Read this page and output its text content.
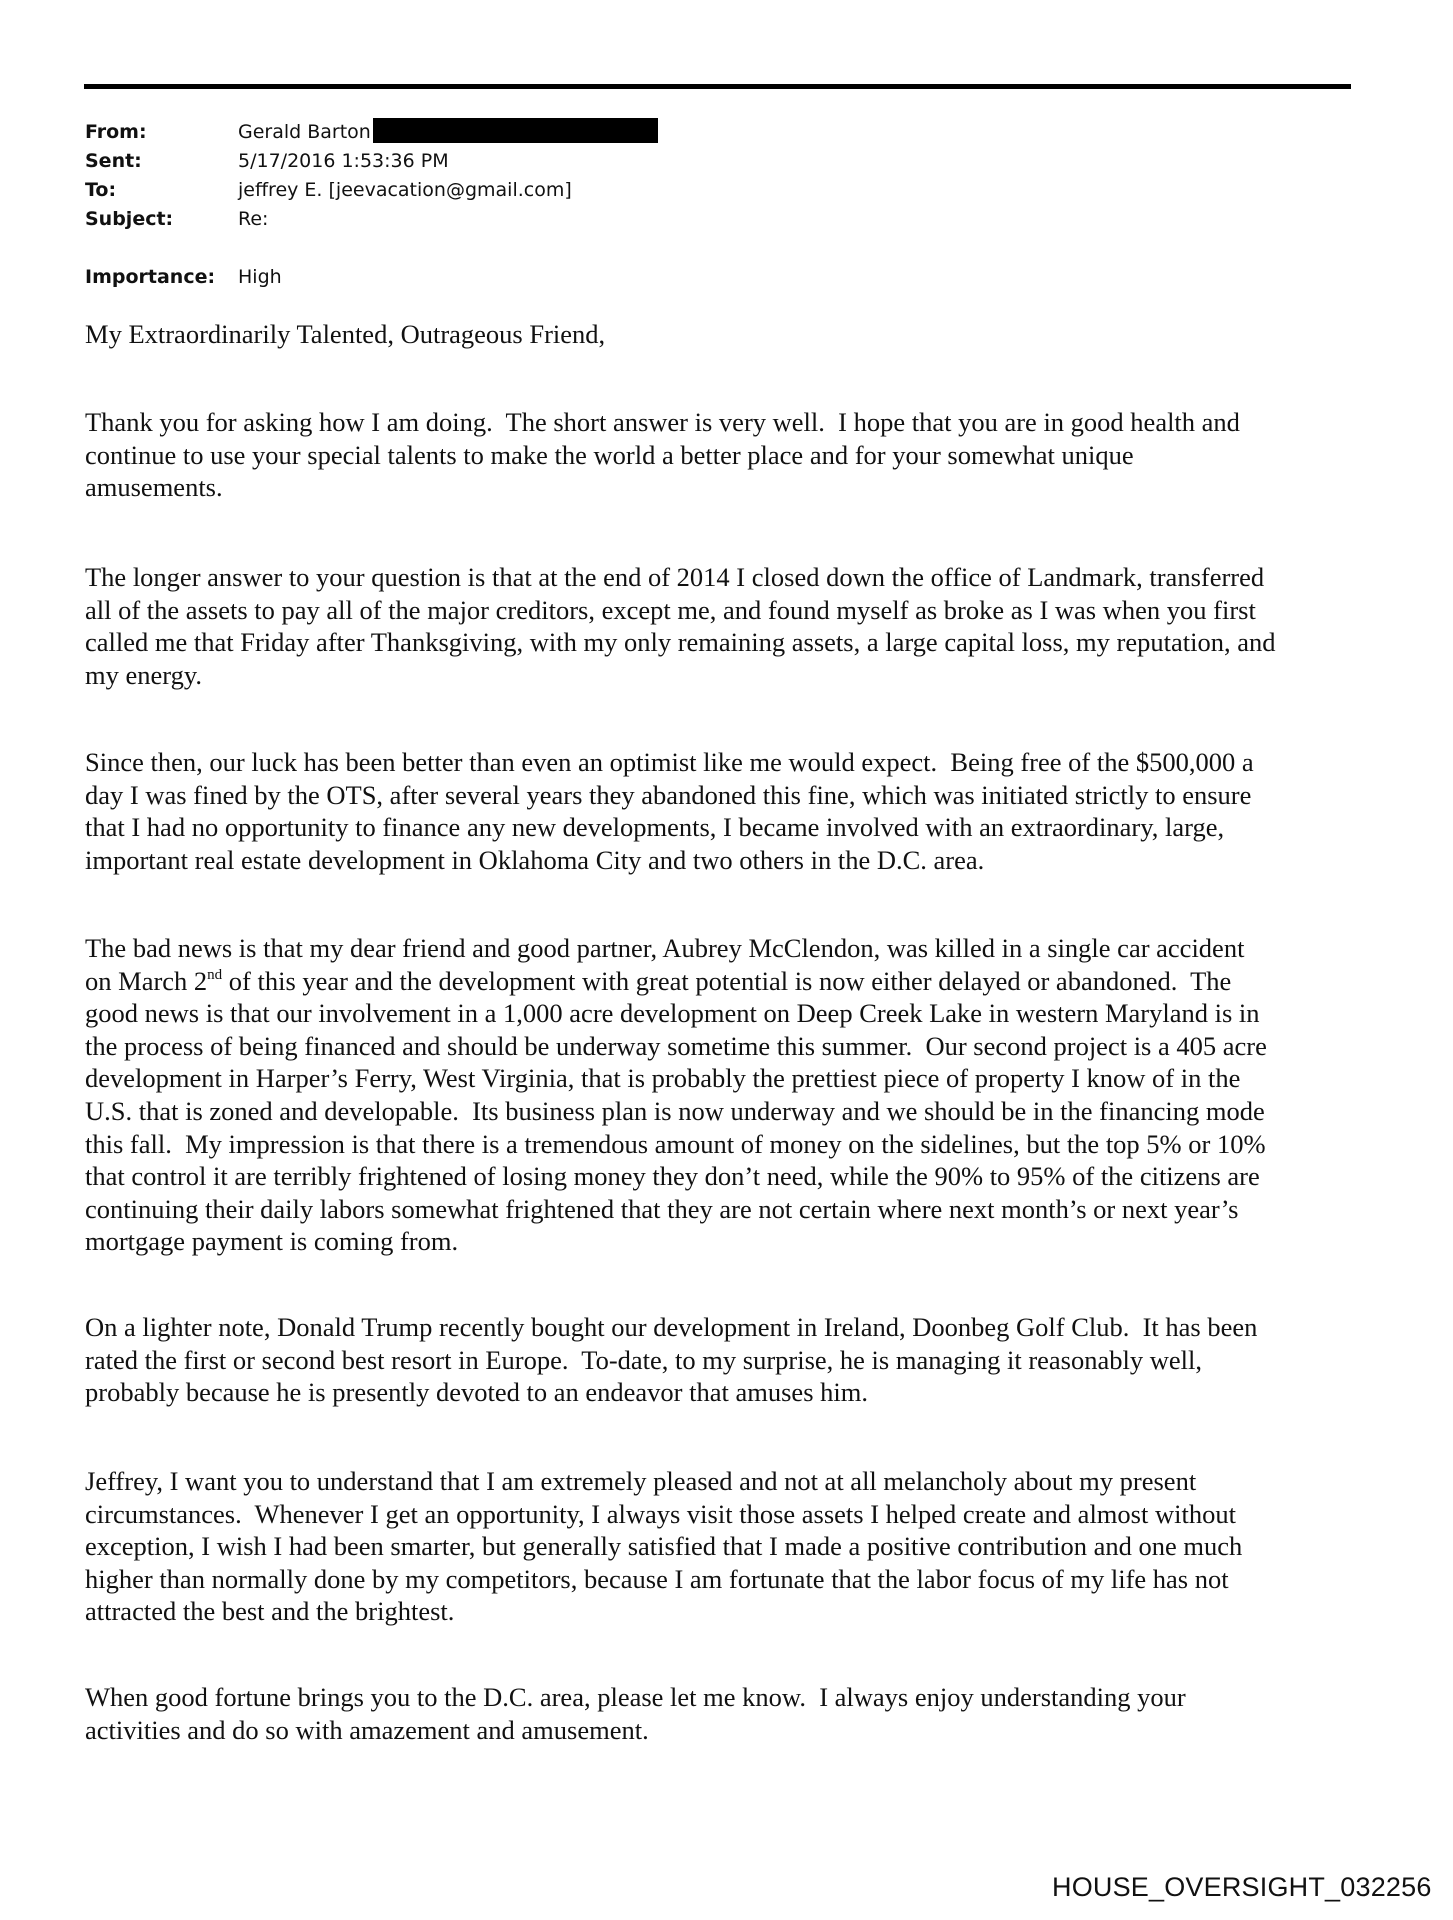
From:	Gerald Barton
Sent:	5/17/2016 1:53:36 PM
To:	jeffrey E. [jeevacation@gmail.com]
Subject:	Re:
Importance:	High

My Extraordinarily Talented, Outrageous Friend,

Thank you for asking how I am doing.  The short answer is very well.  I hope that you are in good health and

continue to use your special talents to make the world a better place and for your somewhat unique

amusements.

The longer answer to your question is that at the end of 2014 I closed down the office of Landmark, transferred

all of the assets to pay all of the major creditors, except me, and found myself as broke as I was when you first

called me that Friday after Thanksgiving, with my only remaining assets, a large capital loss, my reputation, and

my energy.

Since then, our luck has been better than even an optimist like me would expect.  Being free of the $500,000 a

day I was fined by the OTS, after several years they abandoned this fine, which was initiated strictly to ensure

that I had no opportunity to finance any new developments, I became involved with an extraordinary, large,

important real estate development in Oklahoma City and two others in the D.C. area.

The bad news is that my dear friend and good partner, Aubrey McClendon, was killed in a single car accident

on March 2nd of this year and the development with great potential is now either delayed or abandoned.  The

good news is that our involvement in a 1,000 acre development on Deep Creek Lake in western Maryland is in

the process of being financed and should be underway sometime this summer.  Our second project is a 405 acre

development in Harper’s Ferry, West Virginia, that is probably the prettiest piece of property I know of in the

U.S. that is zoned and developable.  Its business plan is now underway and we should be in the financing mode

this fall.  My impression is that there is a tremendous amount of money on the sidelines, but the top 5% or 10%

that control it are terribly frightened of losing money they don’t need, while the 90% to 95% of the citizens are

continuing their daily labors somewhat frightened that they are not certain where next month’s or next year’s

mortgage payment is coming from.

On a lighter note, Donald Trump recently bought our development in Ireland, Doonbeg Golf Club.  It has been

rated the first or second best resort in Europe.  To-date, to my surprise, he is managing it reasonably well,

probably because he is presently devoted to an endeavor that amuses him.

Jeffrey, I want you to understand that I am extremely pleased and not at all melancholy about my present

circumstances.  Whenever I get an opportunity, I always visit those assets I helped create and almost without

exception, I wish I had been smarter, but generally satisfied that I made a positive contribution and one much

higher than normally done by my competitors, because I am fortunate that the labor focus of my life has not

attracted the best and the brightest.

When good fortune brings you to the D.C. area, please let me know.  I always enjoy understanding your

activities and do so with amazement and amusement.

HOUSE_OVERSIGHT_032256
